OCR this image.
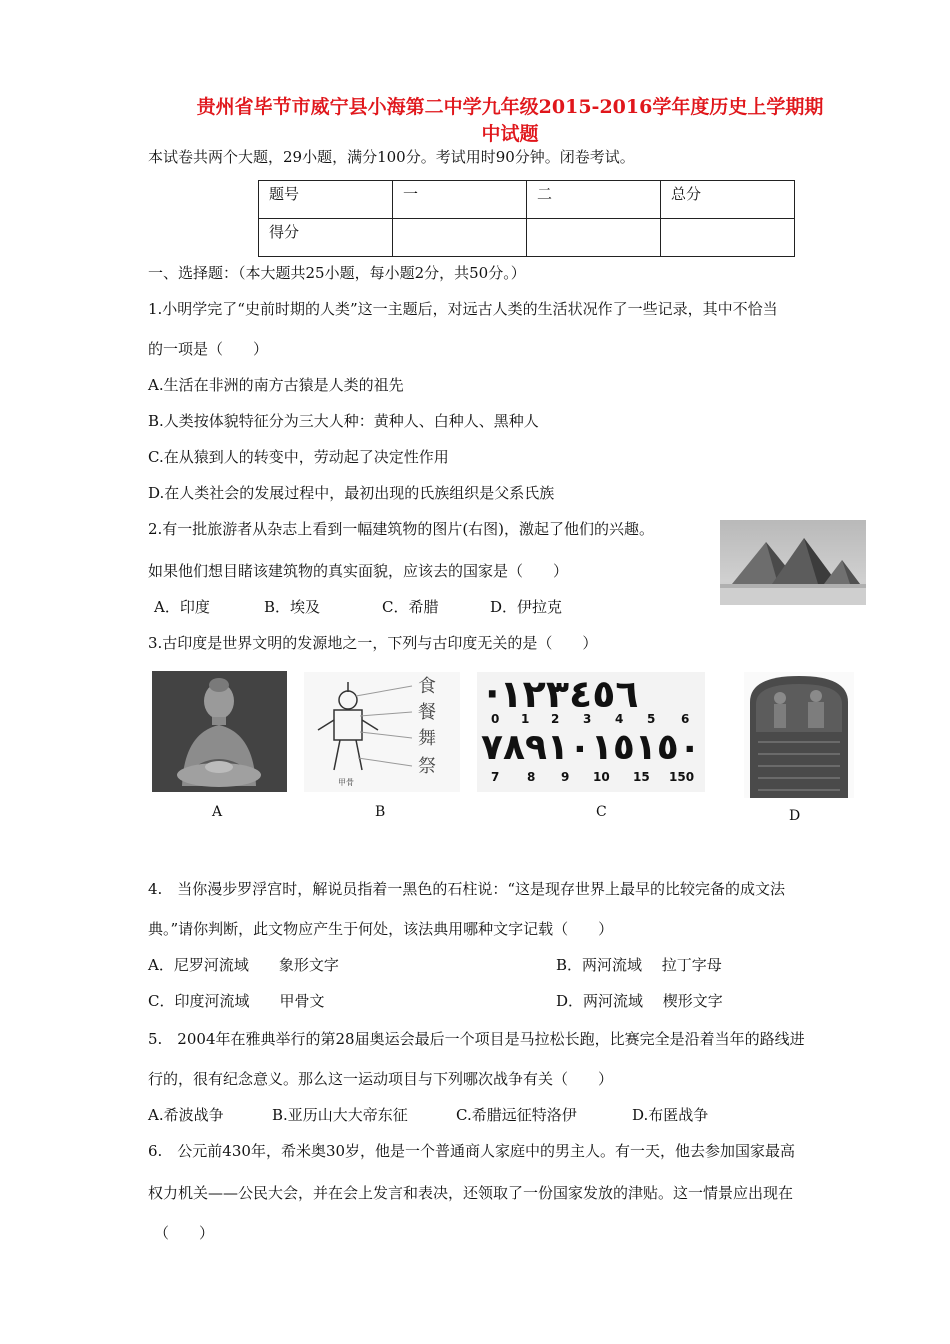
贵州省毕节市威宁县小海第二中学九年级2015-2016学年度历史上学期期
中试题
本试卷共两个大题，29小题，满分100分。考试用时90分钟。闭卷考试。
题号	一	二	总分
得分			
一、选择题：（本大题共25小题，每小题2分，共50分。）
1.小明学完了“史前时期的人类”这一主题后，对远古人类的生活状况作了一些记录，其中不恰当
的一项是（　　）
A.生活在非洲的南方古猿是人类的祖先
B.人类按体貌特征分为三大人种：黄种人、白种人、黑种人
C.在从猿到人的转变中，劳动起了决定性作用
D.在人类社会的发展过程中，最初出现的氏族组织是父系氏族
2.有一批旅游者从杂志上看到一幅建筑物的图片(右图)，激起了他们的兴趣。
如果他们想目睹该建筑物的真实面貌，应该去的国家是（　　）
A．印度	B．埃及	C．希腊	D．伊拉克
3.古印度是世界文明的发源地之一，下列与古印度无关的是（　　）
食
餐
舞
祭
甲骨
·١٢٣٤٥٦
0 1 2 3 4 5 6
٧٨٩١٠١٥١٥٠
7 8 9 10 15 150
A	B	C	D
4.　当你漫步罗浮宫时，解说员指着一黑色的石柱说：“这是现存世界上最早的比较完备的成文法
典。”请你判断，此文物应产生于何处，该法典用哪种文字记载（　　）
A．尼罗河流域　　象形文字	B．两河流域　 拉丁字母
C．印度河流域　　甲骨文	D．两河流域　 楔形文字
5.　2004年在雅典举行的第28届奥运会最后一个项目是马拉松长跑，比赛完全是沿着当年的路线进
行的，很有纪念意义。那么这一运动项目与下列哪次战争有关（　　）
A.希波战争	B.亚历山大大帝东征	C.希腊远征特洛伊	D.布匿战争
6.　公元前430年，希米奥30岁，他是一个普通商人家庭中的男主人。有一天，他去参加国家最高
权力机关——公民大会，并在会上发言和表决，还领取了一份国家发放的津贴。这一情景应出现在
（　　）
